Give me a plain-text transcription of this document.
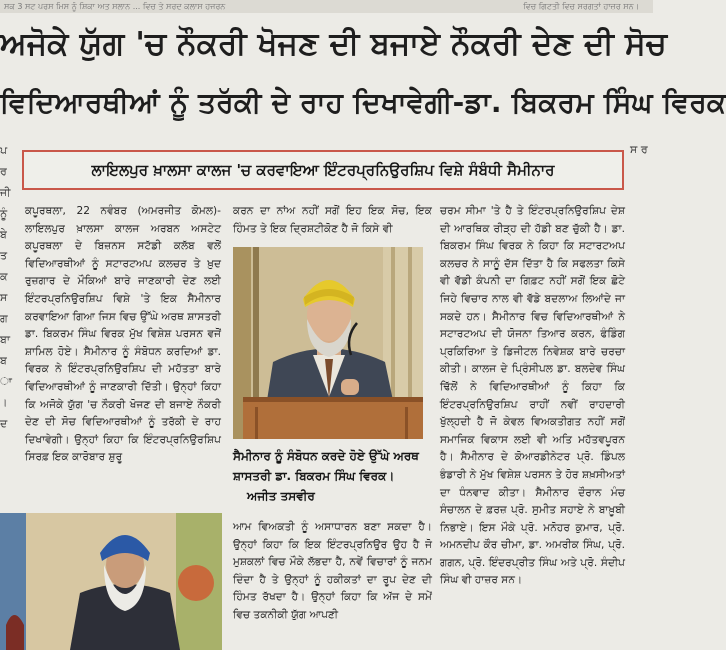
ਸਕ 3 ਸਟ ਪਰਸ ਮਿਸ ਨੂੰ ਸ਼ਿਕਾ ਅਤ ਸਲਾਨ ... ਵਿਚ ਤੇ ਸਰਦ ਕਲਾਸ ਹਜਰਨ	ਵਿਚ ਗਿਟਤੀ ਵਿਚ ਸਰਗਤਾਂ ਹਾਜ਼ਰ ਸਨ।
ਅਜੋਕੇ ਯੁੱਗ 'ਚ ਨੌਕਰੀ ਖੋਜਣ ਦੀ ਬਜਾਏ ਨੌਕਰੀ ਦੇਣ ਦੀ ਸੋਚ
ਵਿਦਿਆਰਥੀਆਂ ਨੂੰ ਤਰੱਕੀ ਦੇ ਰਾਹ ਦਿਖਾਵੇਗੀ-ਡਾ. ਬਿਕਰਮ ਸਿੰਘ ਵਿਰਕ
ਪ ਰ ਜੀ ਨੂੰ ਬੇ ਤ ਕ ਸ ਗ ਬਾ ਬ ਾ । ਦ
ਸ ਰ
ਲਾਇਲਪੁਰ ਖ਼ਾਲਸਾ ਕਾਲਜ 'ਚ ਕਰਵਾਇਆ ਇੰਟਰਪ੍ਰਨਿਉਰਸ਼ਿਪ ਵਿਸ਼ੇ ਸੰਬੰਧੀ ਸੈਮੀਨਾਰ
ਕਪੂਰਥਲਾ, 22 ਨਵੰਬਰ (ਅਮਰਜੀਤ ਕੋਮਲ)-ਲਾਇਲਪੁਰ ਖ਼ਾਲਸਾ ਕਾਲਜ ਅਰਬਨ ਅਸਟੇਟ ਕਪੂਰਥਲਾ ਦੇ ਬਿਜ਼ਨਸ ਸਟੱਡੀ ਕਲੱਬ ਵਲੋਂ ਵਿਦਿਆਰਥੀਆਂ ਨੂੰ ਸਟਾਰਟਅਪ ਕਲਚਰ ਤੇ ਖ਼ੁਦ ਰੁਜ਼ਗਾਰ ਦੇ ਮੌਕਿਆਂ ਬਾਰੇ ਜਾਣਕਾਰੀ ਦੇਣ ਲਈ ਇੰਟਰਪ੍ਰਨਿਉਰਸ਼ਿਪ ਵਿਸ਼ੇ 'ਤੇ ਇਕ ਸੈਮੀਨਾਰ ਕਰਵਾਇਆ ਗਿਆ ਜਿਸ ਵਿਚ ਉੱਘੇ ਅਰਥ ਸ਼ਾਸਤਰੀ ਡਾ. ਬਿਕਰਮ ਸਿੰਘ ਵਿਰਕ ਮੁੱਖ ਵਿਸ਼ੇਸ਼ ਪਰਸਨ ਵਜੋਂ ਸ਼ਾਮਿਲ ਹੋਏ। ਸੈਮੀਨਾਰ ਨੂੰ ਸੰਬੋਧਨ ਕਰਦਿਆਂ ਡਾ. ਵਿਰਕ ਨੇ ਇੰਟਰਪ੍ਰਨਿਉਰਸ਼ਿਪ ਦੀ ਮਹੱਤਤਾ ਬਾਰੇ ਵਿਦਿਆਰਥੀਆਂ ਨੂੰ ਜਾਣਕਾਰੀ ਦਿੱਤੀ। ਉਨ੍ਹਾਂ ਕਿਹਾ ਕਿ ਅਜੋਕੇ ਯੁੱਗ 'ਚ ਨੌਕਰੀ ਖੋਜਣ ਦੀ ਬਜਾਏ ਨੌਕਰੀ ਦੇਣ ਦੀ ਸੋਚ ਵਿਦਿਆਰਥੀਆਂ ਨੂੰ ਤਰੱਕੀ ਦੇ ਰਾਹ ਦਿਖਾਵੇਗੀ। ਉਨ੍ਹਾਂ ਕਿਹਾ ਕਿ ਇੰਟਰਪ੍ਰਨਿਉਰਸ਼ਿਪ ਸਿਰਫ਼ ਇਕ ਕਾਰੋਬਾਰ ਸ਼ੁਰੂ
ਕਰਨ ਦਾ ਨਾਂਅ ਨਹੀਂ ਸਗੋਂ ਇਹ ਇਕ ਸੋਚ, ਇਕ ਹਿੰਮਤ ਤੇ ਇਕ ਦ੍ਰਿਸ਼ਟੀਕੋਣ ਹੈ ਜੋ ਕਿਸੇ ਵੀ
ਸੈਮੀਨਾਰ ਨੂੰ ਸੰਬੋਧਨ ਕਰਦੇ ਹੋਏ ਉੱਘੇ ਅਰਥ ਸ਼ਾਸਤਰੀ ਡਾ. ਬਿਕਰਮ ਸਿੰਘ ਵਿਰਕ। ਅਜੀਤ ਤਸਵੀਰ
ਚਰਮ ਸੀਮਾ 'ਤੇ ਹੈ ਤੇ ਇੰਟਰਪ੍ਰਨਿਉਰਸ਼ਿਪ ਦੇਸ਼ ਦੀ ਆਰਥਿਕ ਰੀੜ੍ਹ ਦੀ ਹੱਡੀ ਬਣ ਚੁੱਕੀ ਹੈ। ਡਾ. ਬਿਕਰਮ ਸਿੰਘ ਵਿਰਕ ਨੇ ਕਿਹਾ ਕਿ ਸਟਾਰਟਅਪ ਕਲਚਰ ਨੇ ਸਾਨੂੰ ਦੱਸ ਦਿੱਤਾ ਹੈ ਕਿ ਸਫਲਤਾ ਕਿਸੇ ਵੀ ਵੱਡੀ ਕੰਪਨੀ ਦਾ ਗਿਫ਼ਟ ਨਹੀਂ ਸਗੋਂ ਇਕ ਛੋਟੇ ਜਿਹੇ ਵਿਚਾਰ ਨਾਲ ਵੀ ਵੱਡੇ ਬਦਲਾਅ ਲਿਆਂਦੇ ਜਾ ਸਕਦੇ ਹਨ। ਸੈਮੀਨਾਰ ਵਿਚ ਵਿਦਿਆਰਥੀਆਂ ਨੇ ਸਟਾਰਟਅਪ ਦੀ ਯੋਜਨਾ ਤਿਆਰ ਕਰਨ, ਫੰਡਿੰਗ ਪ੍ਰਕਿਰਿਆ ਤੇ ਡਿਜੀਟਲ ਨਿਵੇਸ਼ਕ ਬਾਰੇ ਚਰਚਾ ਕੀਤੀ। ਕਾਲਜ ਦੇ ਪ੍ਰਿੰਸੀਪਲ ਡਾ. ਬਲਦੇਵ ਸਿੰਘ ਢਿੱਲੋਂ ਨੇ ਵਿਦਿਆਰਥੀਆਂ ਨੂੰ ਕਿਹਾ ਕਿ ਇੰਟਰਪ੍ਰਨਿਉਰਸ਼ਿਪ ਰਾਹੀਂ ਨਵੀਂ ਰਾਹਦਾਰੀ ਖੁੱਲ੍ਹਦੀ ਹੈ ਜੋ ਕੇਵਲ ਵਿਅਕਤੀਗਤ ਨਹੀਂ ਸਗੋਂ ਸਮਾਜਿਕ ਵਿਕਾਸ ਲਈ ਵੀ ਅਤਿ ਮਹੱਤਵਪੂਰਨ ਹੈ। ਸੈਮੀਨਾਰ ਦੇ ਕੋਆਰਡੀਨੇਟਰ ਪ੍ਰੋ. ਡਿੰਪਲ ਭੰਡਾਰੀ ਨੇ ਮੁੱਖ ਵਿਸ਼ੇਸ਼ ਪਰਸਨ ਤੇ ਹੋਰ ਸ਼ਖ਼ਸੀਅਤਾਂ ਦਾ ਧੰਨਵਾਦ ਕੀਤਾ। ਸੈਮੀਨਾਰ ਦੌਰਾਨ ਮੰਚ ਸੰਚਾਲਨ ਦੇ ਫ਼ਰਜ਼ ਪ੍ਰੋ. ਸੁਮੀਤ ਸਹਾਏ ਨੇ ਬਾਖ਼ੂਬੀ ਨਿਭਾਏ। ਇਸ ਮੌਕੇ ਪ੍ਰੋ. ਮਨੋਹਰ ਕੁਮਾਰ, ਪ੍ਰੋ. ਅਮਨਦੀਪ ਕੌਰ ਚੀਮਾ, ਡਾ. ਅਮਰੀਕ ਸਿੰਘ, ਪ੍ਰੋ. ਗਗਨ, ਪ੍ਰੋ. ਇੰਦਰਪ੍ਰੀਤ ਸਿੰਘ ਅਤੇ ਪ੍ਰੋ. ਸੰਦੀਪ ਸਿੰਘ ਵੀ ਹਾਜ਼ਰ ਸਨ।
ਆਮ ਵਿਅਕਤੀ ਨੂੰ ਅਸਾਧਾਰਨ ਬਣਾ ਸਕਦਾ ਹੈ। ਉਨ੍ਹਾਂ ਕਿਹਾ ਕਿ ਇਕ ਇੰਟਰਪ੍ਰਨਿਉਰ ਉਹ ਹੈ ਜੋ ਮੁਸ਼ਕਲਾਂ ਵਿਚ ਮੌਕੇ ਲੱਭਦਾ ਹੈ, ਨਵੇਂ ਵਿਚਾਰਾਂ ਨੂੰ ਜਨਮ ਦਿੰਦਾ ਹੈ ਤੇ ਉਨ੍ਹਾਂ ਨੂੰ ਹਕੀਕਤਾਂ ਦਾ ਰੂਪ ਦੇਣ ਦੀ ਹਿੰਮਤ ਰੱਖਦਾ ਹੈ। ਉਨ੍ਹਾਂ ਕਿਹਾ ਕਿ ਅੱਜ ਦੇ ਸਮੇਂ ਵਿਚ ਤਕਨੀਕੀ ਯੁੱਗ ਆਪਣੀ
